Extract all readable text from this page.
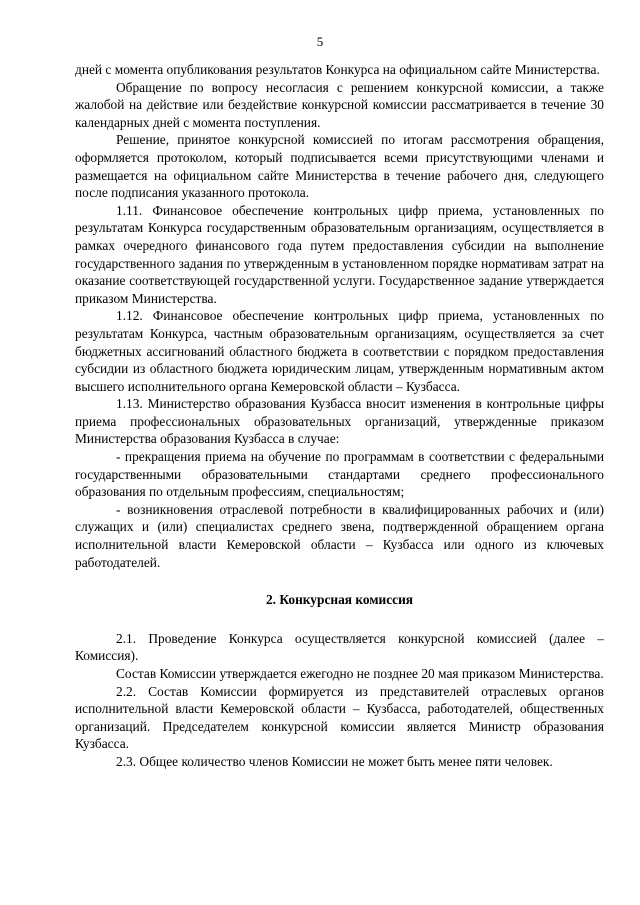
5

дней с момента опубликования результатов Конкурса на официальном сайте Министерства.

Обращение по вопросу несогласия с решением конкурсной комиссии, а также жалобой на действие или бездействие конкурсной комиссии рассматривается в течение 30 календарных дней с момента поступления.

Решение, принятое конкурсной комиссией по итогам рассмотрения обращения, оформляется протоколом, который подписывается всеми присутствующими членами и размещается на официальном сайте Министерства в течение рабочего дня, следующего после подписания указанного протокола.

1.11. Финансовое обеспечение контрольных цифр приема, установленных по результатам Конкурса государственным образовательным организациям, осуществляется в рамках очередного финансового года путем предоставления субсидии на выполнение государственного задания по утвержденным в установленном порядке нормативам затрат на оказание соответствующей государственной услуги. Государственное задание утверждается приказом Министерства.

1.12. Финансовое обеспечение контрольных цифр приема, установленных по результатам Конкурса, частным образовательным организациям, осуществляется за счет бюджетных ассигнований областного бюджета в соответствии с порядком предоставления субсидии из областного бюджета юридическим лицам, утвержденным нормативным актом высшего исполнительного органа Кемеровской области – Кузбасса.

1.13. Министерство образования Кузбасса вносит изменения в контрольные цифры приема профессиональных образовательных организаций, утвержденные приказом Министерства образования Кузбасса в случае:

- прекращения приема на обучение по программам в соответствии с федеральными государственными образовательными стандартами среднего профессионального образования по отдельным профессиям, специальностям;

- возникновения отраслевой потребности в квалифицированных рабочих и (или) служащих и (или) специалистах среднего звена, подтвержденной обращением органа исполнительной власти Кемеровской области – Кузбасса или одного из ключевых работодателей.

2. Конкурсная комиссия

2.1. Проведение Конкурса осуществляется конкурсной комиссией (далее – Комиссия).

Состав Комиссии утверждается ежегодно не позднее 20 мая приказом Министерства.

2.2. Состав Комиссии формируется из представителей отраслевых органов исполнительной власти Кемеровской области – Кузбасса, работодателей, общественных организаций. Председателем конкурсной комиссии является Министр образования Кузбасса.

2.3. Общее количество членов Комиссии не может быть менее пяти человек.
